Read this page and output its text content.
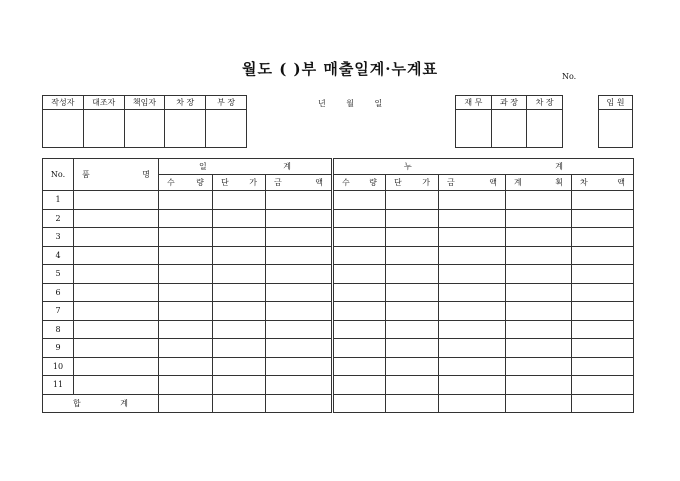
월도 ( )부 매출일계·누계표	No.
작성자	대조자	책임자	차 장	부 장
					년 월 일	재 무	과 장	차 장
			임 원

No.	품 명	일 계			누 계				
		수 량	단 가	금 액	수 량	단 가	금 액	계 획	차 액
1									
2									
3									
4									
5									
6									
7									
8									
9									
10									
11									
합 계									
